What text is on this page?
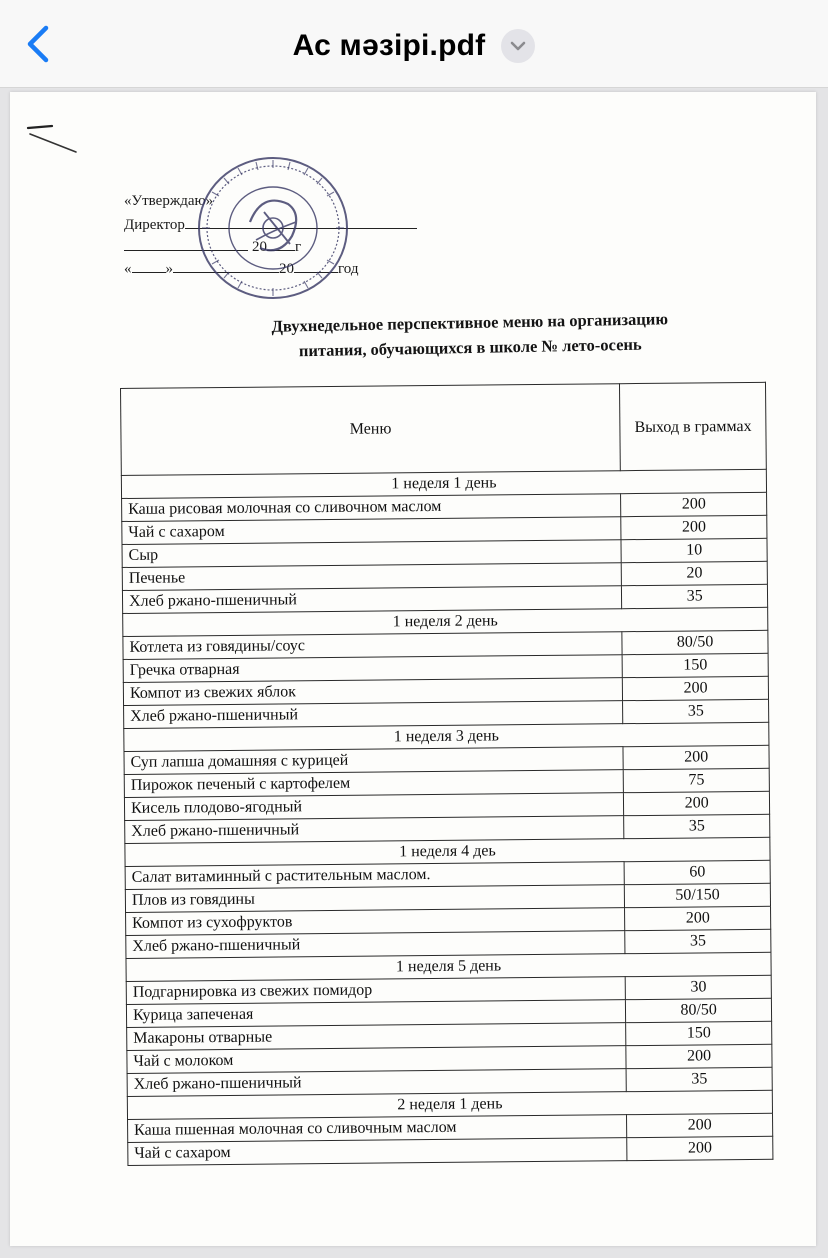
Ас мәзірі.pdf
«Утверждаю»
Директор
20 г
« »	20	год
Двухнедельное перспективное меню на организацию
питания, обучающихся в школе № лето-осень
Меню	Выход в граммах
1 неделя 1 день	
Каша рисовая молочная со сливочном маслом	200
Чай с сахаром	200
Сыр	10
Печенье	20
Хлеб ржано-пшеничный	35
1 неделя 2 день	
Котлета из говядины/соус	80/50
Гречка отварная	150
Компот из свежих яблок	200
Хлеб ржано-пшеничный	35
1 неделя 3 день	
Суп лапша домашняя с курицей	200
Пирожок печеный с картофелем	75
Кисель плодово-ягодный	200
Хлеб ржано-пшеничный	35
1 неделя 4 деь	
Салат витаминный с растительным маслом.	60
Плов из говядины	50/150
Компот из сухофруктов	200
Хлеб ржано-пшеничный	35
1 неделя 5 день	
Подгарнировка из свежих помидор	30
Курица запеченая	80/50
Макароны отварные	150
Чай с молоком	200
Хлеб ржано-пшеничный	35
2 неделя 1 день	
Каша пшенная молочная со сливочным маслом	200
Чай с сахаром	200
